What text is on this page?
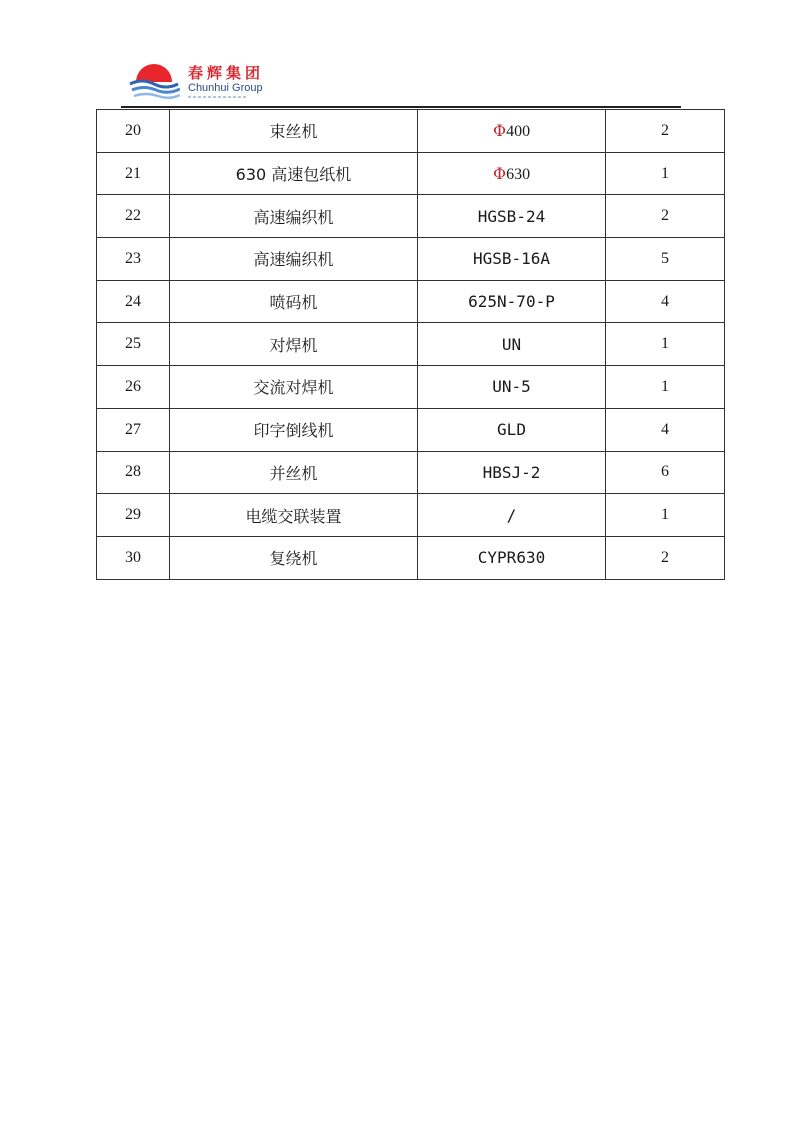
春辉集团
Chunhui Group
20	束丝机	Φ400	2
21	630 高速包纸机	Φ630	1
22	高速编织机	HGSB-24	2
23	高速编织机	HGSB-16A	5
24	喷码机	625N-70-P	4
25	对焊机	UN	1
26	交流对焊机	UN-5	1
27	印字倒线机	GLD	4
28	并丝机	HBSJ-2	6
29	电缆交联装置	/	1
30	复绕机	CYPR630	2
